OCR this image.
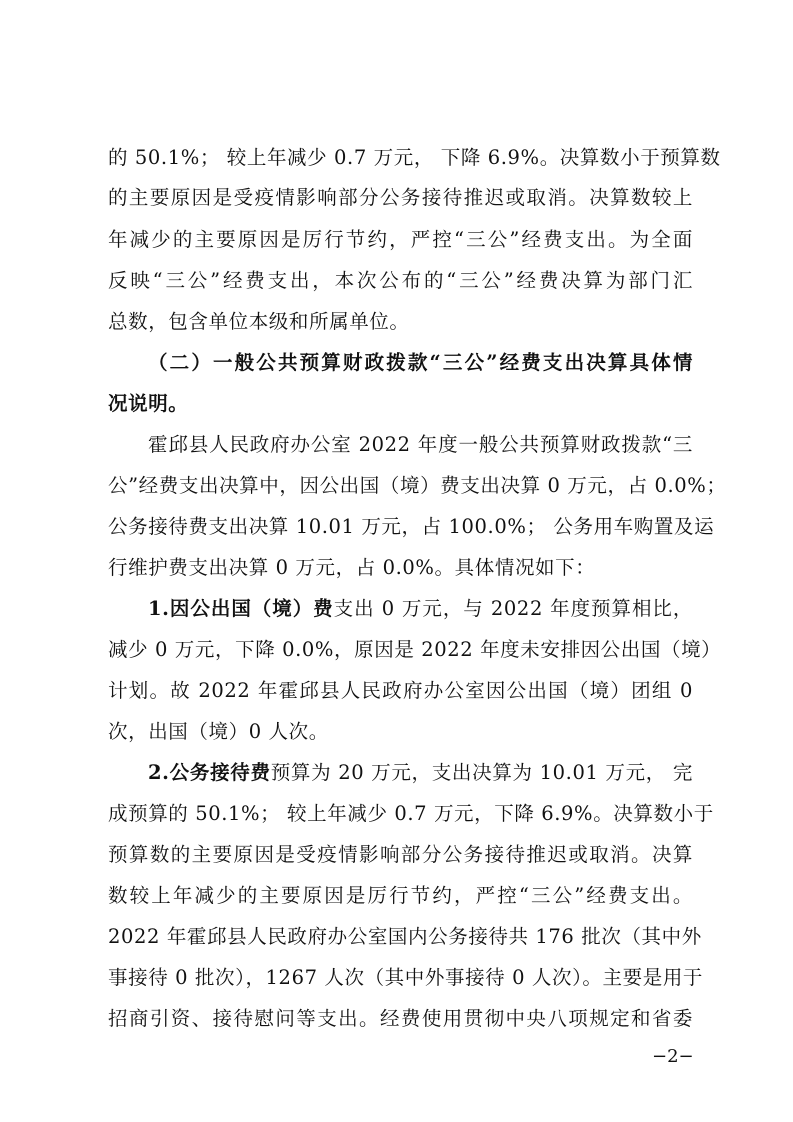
的 50.1%； 较上年减少 0.7 万元， 下降 6.9%。决算数小于预算数
的主要原因是受疫情影响部分公务接待推迟或取消。决算数较上
年减少的主要原因是厉行节约，严控“三公”经费支出。为全面
反映“三公”经费支出，本次公布的“三公”经费决算为部门汇
总数，包含单位本级和所属单位。
（二）一般公共预算财政拨款“三公”经费支出决算具体情
况说明。
霍邱县人民政府办公室 2022 年度一般公共预算财政拨款“三
公”经费支出决算中，因公出国（境）费支出决算 0 万元，占 0.0%；
公务接待费支出决算 10.01 万元，占 100.0%； 公务用车购置及运
行维护费支出决算 0 万元，占 0.0%。具体情况如下：
1.因公出国（境）费支出 0 万元，与 2022 年度预算相比，
减少 0 万元，下降 0.0%，原因是 2022 年度未安排因公出国（境）
计划。故 2022 年霍邱县人民政府办公室因公出国（境）团组 0
次，出国（境）0 人次。
2.公务接待费预算为 20 万元，支出决算为 10.01 万元， 完
成预算的 50.1%； 较上年减少 0.7 万元，下降 6.9%。决算数小于
预算数的主要原因是受疫情影响部分公务接待推迟或取消。决算
数较上年减少的主要原因是厉行节约，严控“三公”经费支出。
2022 年霍邱县人民政府办公室国内公务接待共 176 批次（其中外
事接待 0 批次），1267 人次（其中外事接待 0 人次）。主要是用于
招商引资、接待慰问等支出。经费使用贯彻中央八项规定和省委
−2−
